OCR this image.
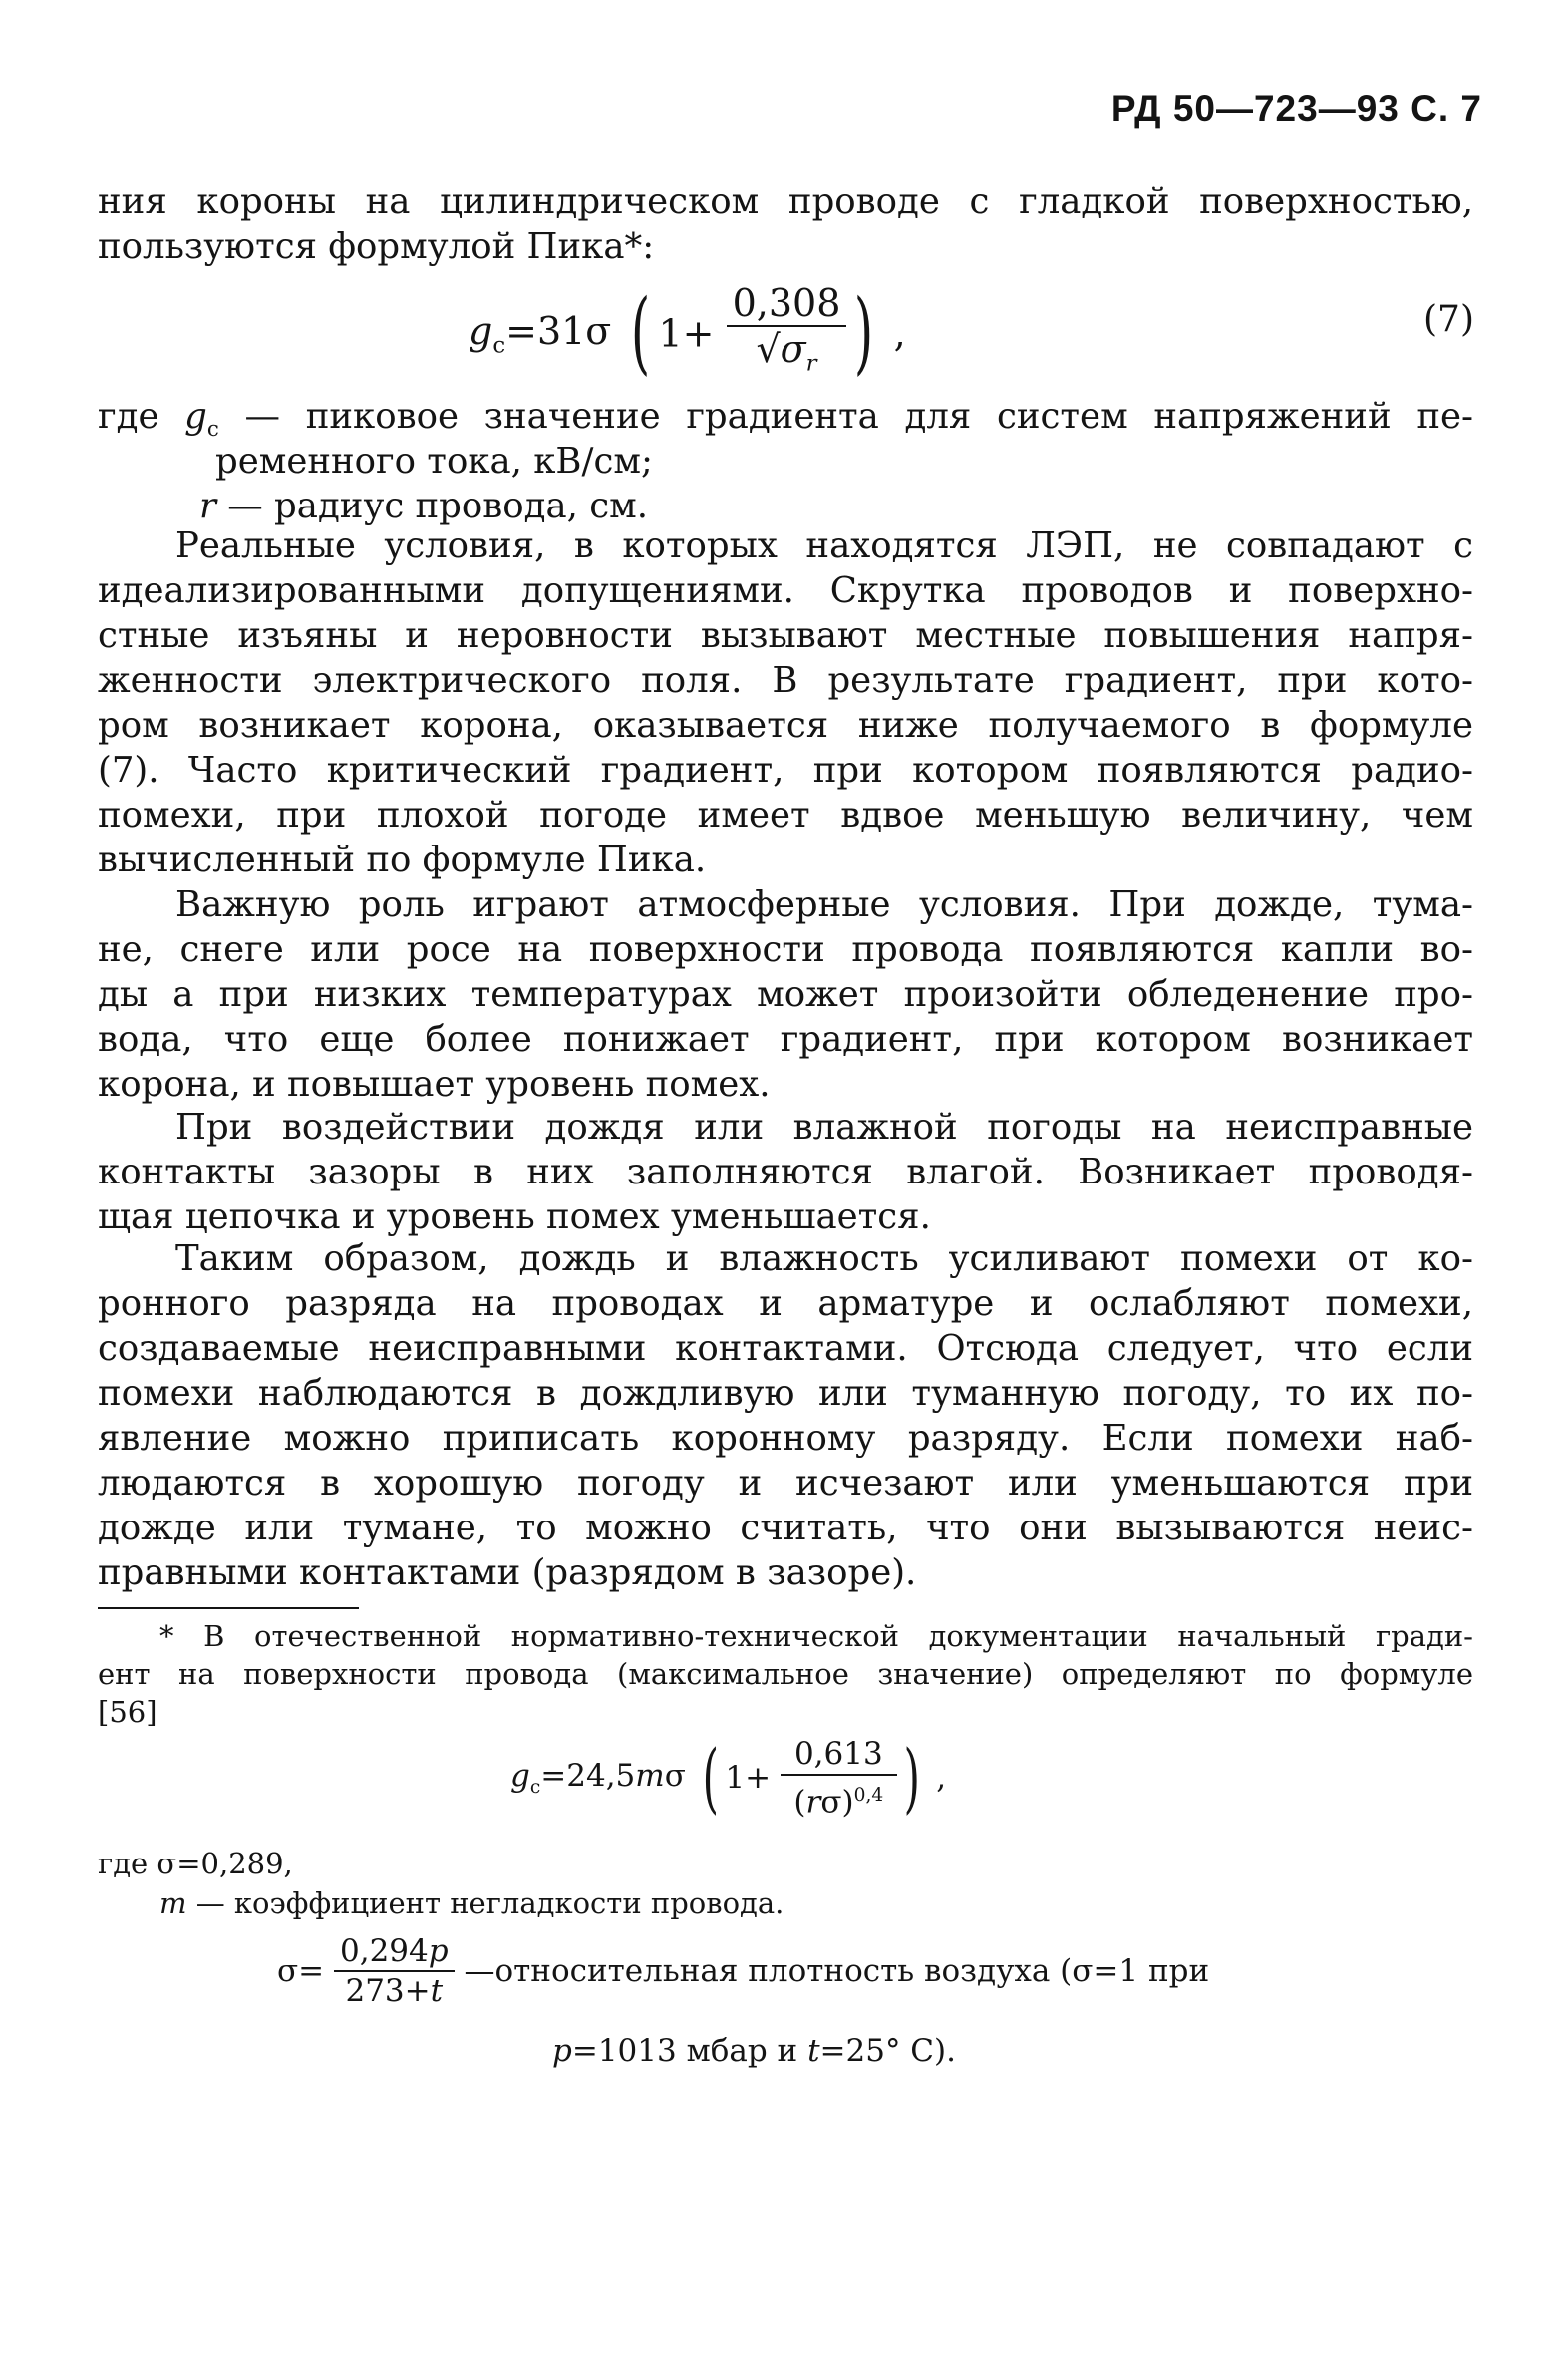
РД 50—723—93 С. 7
ния короны на цилиндрическом проводе с гладкой поверхностью,
пользуются формулой Пика*:
$g_c=31\sigma$ ( $1+ \frac{0,308}{√\sigma_r}$ ) ,	(7)
где $g_c$ — пиковое значение градиента для систем напряжений пе-
ременного тока, кВ/см;
r — радиус провода, см.
Реальные условия, в которых находятся ЛЭП, не совпадают с
идеализированными допущениями. Скрутка проводов и поверхно-
стные изъяны и неровности вызывают местные повышения напря-
женности электрического поля. В результате градиент, при кото-
ром возникает корона, оказывается ниже получаемого в формуле
(7). Часто критический градиент, при котором появляются радио-
помехи, при плохой погоде имеет вдвое меньшую величину, чем
вычисленный по формуле Пика.
Важную роль играют атмосферные условия. При дожде, тума-
не, снеге или росе на поверхности провода появляются капли во-
ды а при низких температурах может произойти обледенение про-
вода, что еще более понижает градиент, при котором возникает
корона, и повышает уровень помех.
При воздействии дождя или влажной погоды на неисправные
контакты зазоры в них заполняются влагой. Возникает проводя-
щая цепочка и уровень помех уменьшается.
Таким образом, дождь и влажность усиливают помехи от ко-
ронного разряда на проводах и арматуре и ослабляют помехи,
создаваемые неисправными контактами. Отсюда следует, что если
помехи наблюдаются в дождливую или туманную погоду, то их по-
явление можно приписать коронному разряду. Если помехи наб-
людаются в хорошую погоду и исчезают или уменьшаются при
дожде или тумане, то можно считать, что они вызываются неис-
правными контактами (разрядом в зазоре).
* В отечественной нормативно-технической документации начальный гради-
ент на поверхности провода (максимальное значение) определяют по формуле
[56]
$g_c=24,5m\sigma$ ( $1+ \frac{0,613}{(r\sigma)^{0,4}}$ ) ,
где σ=0,289,
m — коэффициент негладкости провода.
$\sigma= \frac{0,294p}{273+t}$ —относительная плотность воздуха (σ=1 при
p=1013 мбар и t=25° С).
